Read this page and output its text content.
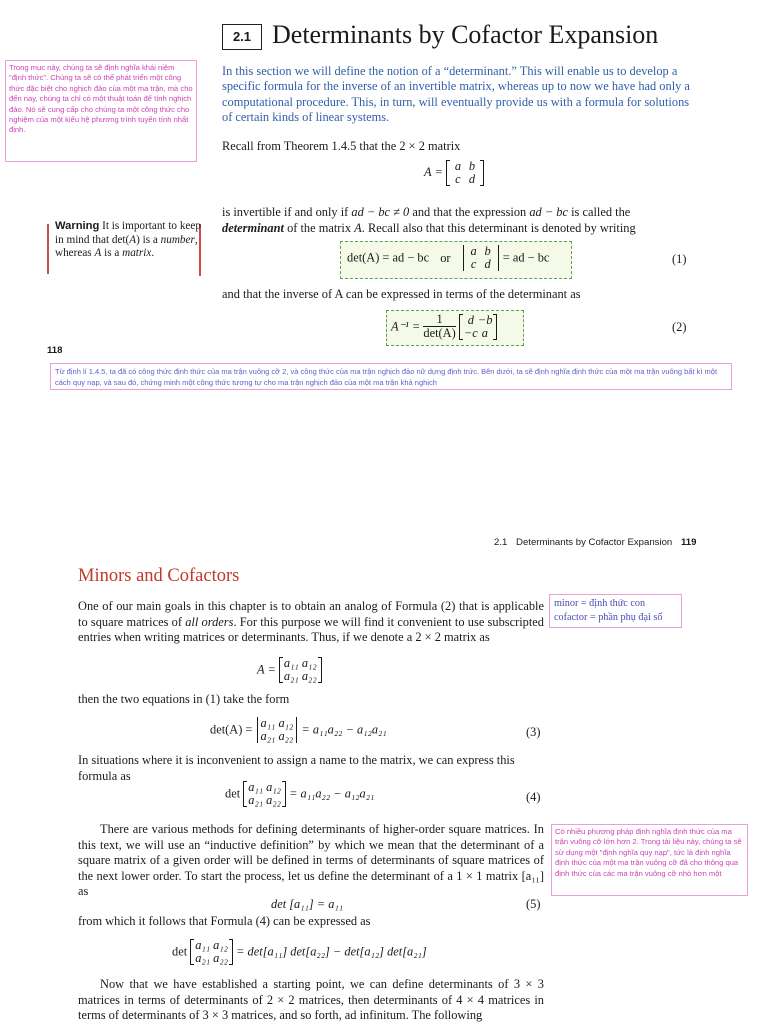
2.1 Determinants by Cofactor Expansion
Trong mục này, chúng ta sẽ định nghĩa khái niệm "định thức". Chúng ta sẽ có thể phát triển một công thức đặc biệt cho nghịch đảo của một ma trận, mà cho đến nay, chúng ta chỉ có một thuật toán để tính nghịch đảo. Nó sẽ cung cấp cho chúng ta một công thức cho nghiệm của một kiểu hệ phương trình tuyến tính nhất định.
In this section we will define the notion of a “determinant.” This will enable us to develop a specific formula for the inverse of an invertible matrix, whereas up to now we have had only a computational procedure. This, in turn, will eventually provide us with a formula for solutions of certain kinds of linear systems.
Recall from Theorem 1.4.5 that the 2 × 2 matrix
A = a b
c d
is invertible if and only if ad − bc ≠ 0 and that the expression ad − bc is called the determinant of the matrix A. Recall also that this determinant is denoted by writing
Warning It is important to keep in mind that det(A) is a number, whereas A is a matrix.	det(A) = ad − bc or	a b
c d = ad − bc	(1)
and that the inverse of A can be expressed in terms of the determinant as
$A^{-1} = \frac{1}{\det(A)}$
d −b
−c a	(2)
118
Từ định lí 1.4.5, ta đã có công thức định thức của ma trận vuông cỡ 2, và công thức của ma trận nghịch đảo nữ dựng định trức. Bên dưới, ta sẽ định nghĩa định thức của một ma trận vuông bất kì một cách quy nạp, và sau đó, chứng minh một công thức tương tự cho ma trận nghịch đảo của một ma trận khả nghịch
2.1 Determinants by Cofactor Expansion 119
Minors and Cofactors
minor = định thức con
cofactor = phần phụ đại số
One of our main goals in this chapter is to obtain an analog of Formula (2) that is applicable to square matrices of all orders. For this purpose we will find it convenient to use subscripted entries when writing matrices or determinants. Thus, if we denote a 2 × 2 matrix as
A = a₁₁ a₁₂
a₂₁ a₂₂
then the two equations in (1) take the form
det(A) = a₁₁ a₁₂
a₂₁ a₂₂ = a₁₁a₂₂ − a₁₂a₂₁	(3)
In situations where it is inconvenient to assign a name to the matrix, we can express this formula as
det a₁₁ a₁₂
a₂₁ a₂₂ = a₁₁a₂₂ − a₁₂a₂₁	(4)
There are various methods for defining determinants of higher-order square matrices. In this text, we will use an “inductive definition” by which we mean that the determinant of a square matrix of a given order will be defined in terms of determinants of square matrices of the next lower order. To start the process, let us define the determinant of a 1 × 1 matrix [a₁₁] as
Có nhiều phương pháp định nghĩa định thức của ma trận vuông cỡ lớn hơn 2. Trong tài liệu này, chúng ta sẽ sử dụng một "định nghĩa quy nạp", tức là định nghĩa định thức của một ma trận vuông cỡ đã cho thông qua định thức của các ma trận vuông cỡ nhỏ hơn một
det [a₁₁] = a₁₁	(5)
from which it follows that Formula (4) can be expressed as
det a₁₁ a₁₂
a₂₁ a₂₂ = det[a₁₁] det[a₂₂] − det[a₁₂] det[a₂₁]
Now that we have established a starting point, we can define determinants of 3 × 3 matrices in terms of determinants of 2 × 2 matrices, then determinants of 4 × 4 matrices in terms of determinants of 3 × 3 matrices, and so forth, ad infinitum. The following
